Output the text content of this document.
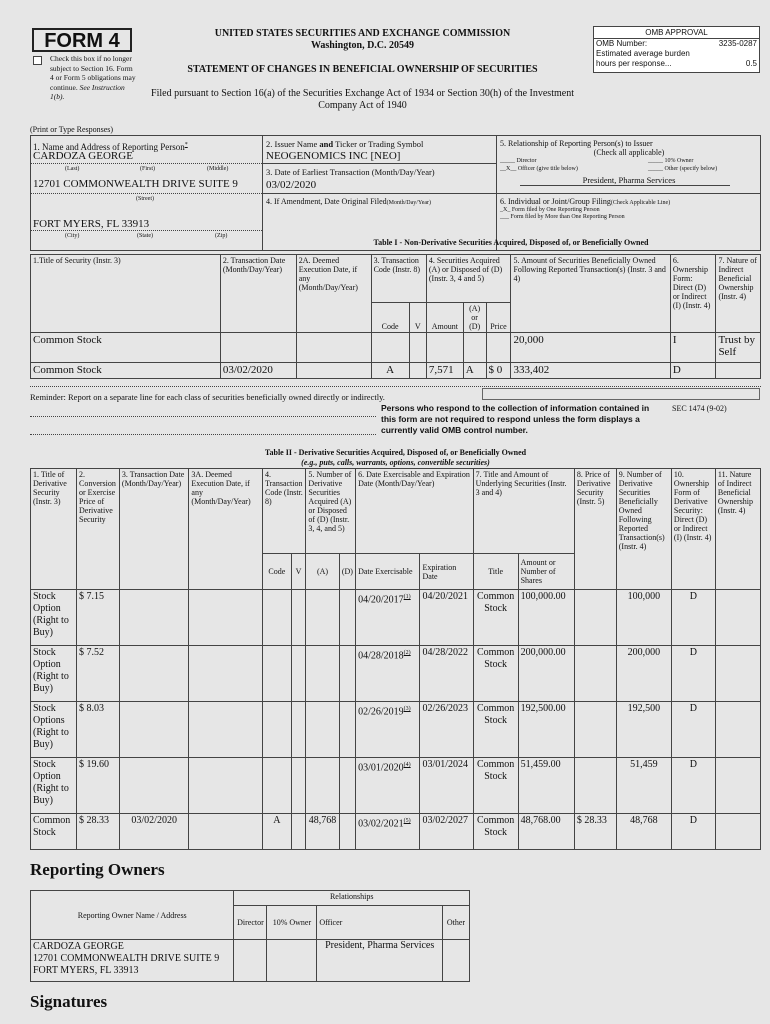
FORM 4
Check this box if no longer subject to Section 16. Form 4 or Form 5 obligations may continue. See Instruction 1(b).
UNITED STATES SECURITIES AND EXCHANGE COMMISSION
Washington, D.C. 20549
STATEMENT OF CHANGES IN BENEFICIAL OWNERSHIP OF SECURITIES
Filed pursuant to Section 16(a) of the Securities Exchange Act of 1934 or Section 30(h) of the Investment Company Act of 1940
OMB APPROVAL
OMB Number:	3235-0287
Estimated average burden
hours per response...	0.5
(Print or Type Responses)
1. Name and Address of Reporting Person*
CARDOZA GEORGE
(Last)	(First)	(Middle)
12701 COMMONWEALTH DRIVE SUITE 9
(Street)
FORT MYERS, FL 33913
(City)	(State)	(Zip)
2. Issuer Name and Ticker or Trading Symbol
NEOGENOMICS INC [NEO]
3. Date of Earliest Transaction (Month/Day/Year)
03/02/2020
4. If Amendment, Date Original Filed(Month/Day/Year)
5. Relationship of Reporting Person(s) to Issuer
(Check all applicable)
_____ Director	_____ 10% Owner
__X__ Officer (give title below)	_____ Other (specify below)
President, Pharma Services
6. Individual or Joint/Group Filing(Check Applicable Line)
_X_ Form filed by One Reporting Person
___ Form filed by More than One Reporting Person
Table I - Non-Derivative Securities Acquired, Disposed of, or Beneficially Owned
1.Title of Security (Instr. 3)	2. Transaction Date (Month/Day/Year)	2A. Deemed Execution Date, if any (Month/Day/Year)	3. Transaction Code (Instr. 8)		4. Securities Acquired (A) or Disposed of (D) (Instr. 3, 4 and 5)			5. Amount of Securities Beneficially Owned Following Reported Transaction(s) (Instr. 3 and 4)	6. Ownership Form: Direct (D) or Indirect (I) (Instr. 4)	7. Nature of Indirect Beneficial Ownership (Instr. 4)
			Code	V	Amount	(A) or (D)	Price			
Common Stock								20,000	I	Trust by Self
Common Stock	03/02/2020		A		7,571	A	$ 0	333,402	D	
Reminder: Report on a separate line for each class of securities beneficially owned directly or indirectly.
Persons who respond to the collection of information contained in this form are not required to respond unless the form displays a currently valid OMB control number.
SEC 1474 (9-02)
Table II - Derivative Securities Acquired, Disposed of, or Beneficially Owned
(e.g., puts, calls, warrants, options, convertible securities)
1. Title of Derivative Security (Instr. 3)	2. Conversion or Exercise Price of Derivative Security	3. Transaction Date (Month/Day/Year)	3A. Deemed Execution Date, if any (Month/Day/Year)	4. Transaction Code (Instr. 8)		5. Number of Derivative Securities Acquired (A) or Disposed of (D) (Instr. 3, 4, and 5)		6. Date Exercisable and Expiration Date (Month/Day/Year)		7. Title and Amount of Underlying Securities (Instr. 3 and 4)		8. Price of Derivative Security (Instr. 5)	9. Number of Derivative Securities Beneficially Owned Following Reported Transaction(s) (Instr. 4)	10. Ownership Form of Derivative Security: Direct (D) or Indirect (I) (Instr. 4)	11. Nature of Indirect Beneficial Ownership (Instr. 4)
				Code	V	(A)	(D)	Date Exercisable	Expiration Date	Title	Amount or Number of Shares				
Stock Option (Right to Buy)	$ 7.15							04/20/2017$^{(1)}$	04/20/2021	Common Stock	100,000.00		100,000	D	
Stock Option (Right to Buy)	$ 7.52							04/28/2018$^{(2)}$	04/28/2022	Common Stock	200,000.00		200,000	D	
Stock Options (Right to Buy)	$ 8.03							02/26/2019$^{(3)}$	02/26/2023	Common Stock	192,500.00		192,500	D	
Stock Option (Right to Buy)	$ 19.60							03/01/2020$^{(4)}$	03/01/2024	Common Stock	51,459.00		51,459	D	
Common Stock	$ 28.33	03/02/2020		A		48,768		03/02/2021$^{(5)}$	03/02/2027	Common Stock	48,768.00	$ 28.33	48,768	D	
Reporting Owners
Reporting Owner Name / Address	Relationships			
	Director	10% Owner	Officer	Other

CARDOZA GEORGE
12701 COMMONWEALTH DRIVE SUITE 9
FORT MYERS, FL 33913			President, Pharma Services	
Signatures
